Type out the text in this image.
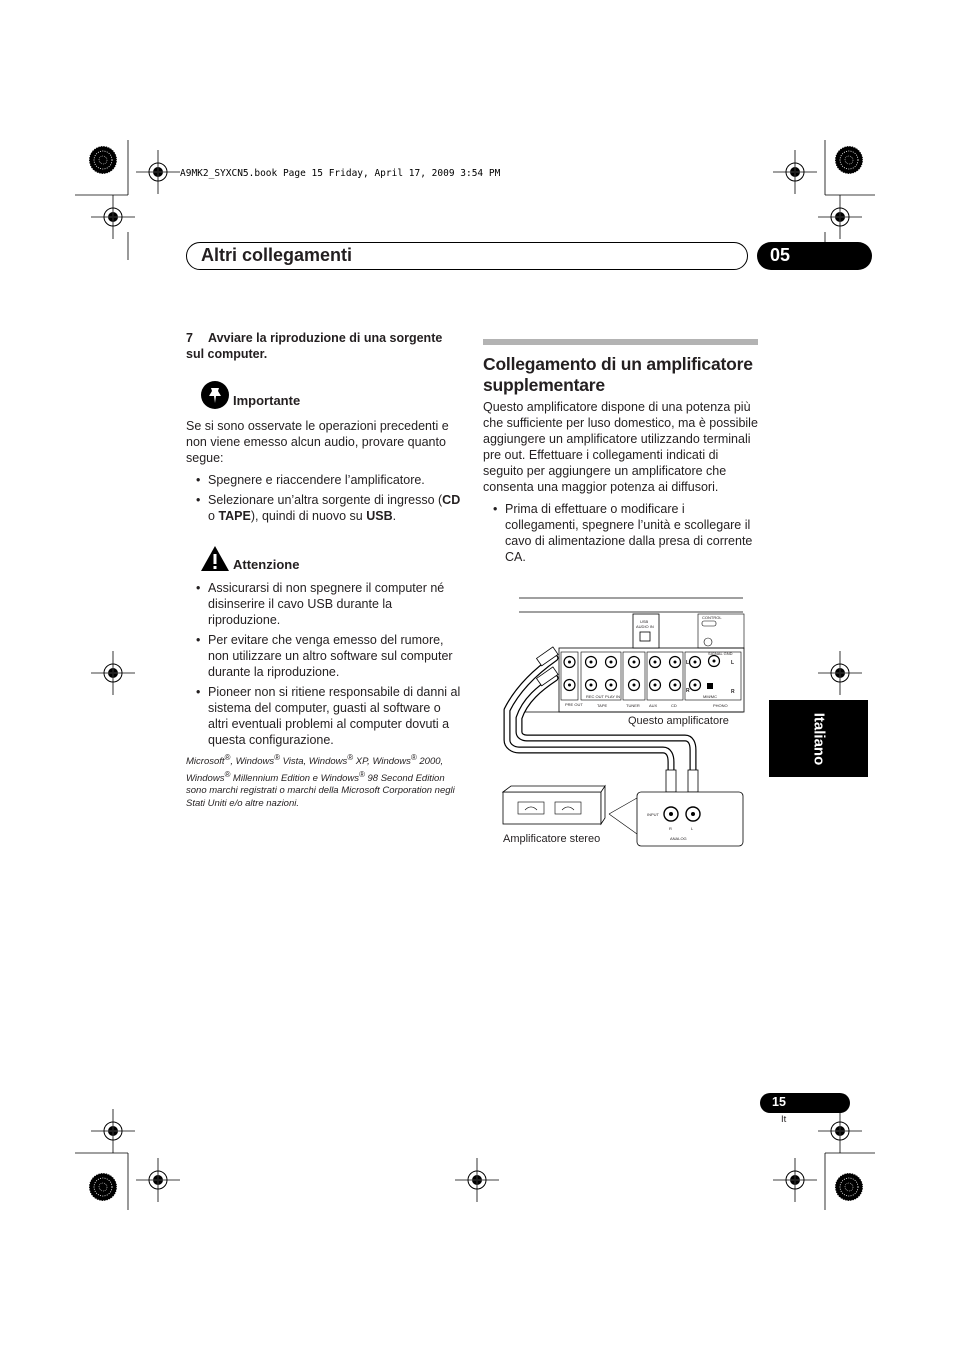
A9MK2_SYXCN5.book Page 15 Friday, April 17, 2009 3:54 PM
Altri collegamenti	05
7 Avviare la riproduzione di una sorgente sul computer.
Importante

Se si sono osservate le operazioni precedenti e non viene emesso alcun audio, provare quanto segue:

• Spegnere e riaccendere l’amplificatore.
• Selezionare un’altra sorgente di ingresso (CD o TAPE), quindi di nuovo su USB.
Attenzione
• Assicurarsi di non spegnere il computer né disinserire il cavo USB durante la riproduzione.
• Per evitare che venga emesso del rumore, non utilizzare un altro software sul computer durante la riproduzione.
• Pioneer non si ritiene responsabile di danni al sistema del computer, guasti al software o altri eventuali problemi al computer dovuti a questa configurazione.

Microsoft®, Windows® Vista, Windows® XP, Windows® 2000, Windows® Millennium Edition e Windows® 98 Second Edition sono marchi registrati o marchi della Microsoft Corporation negli Stati Uniti e/o altre nazioni.

Collegamento di un amplificatore supplementare

Questo amplificatore dispone di una potenza più che sufficiente per luso domestico, ma è possibile aggiungere un amplificatore utilizzando terminali pre out. Effettuare i collegamenti indicati di seguito per aggiungere un amplificatore che consenta una maggior potenza ai diffusori.

• Prima di effettuare o modificare i collegamenti, spegnere l’unità e scollegare il cavo di alimentazione dalla presa di corrente CA.
USB
AUDIO IN
CONTROL
SIGNAL GND
L
R
L
R
MM/MC
PRE OUT
REC OUT PLAY IN
TAPE	TUNER AUX	CD	PHONO
INPUT
R	L
ANALOG
Questo amplificatore
Amplificatore stereo
Italiano
15
It
